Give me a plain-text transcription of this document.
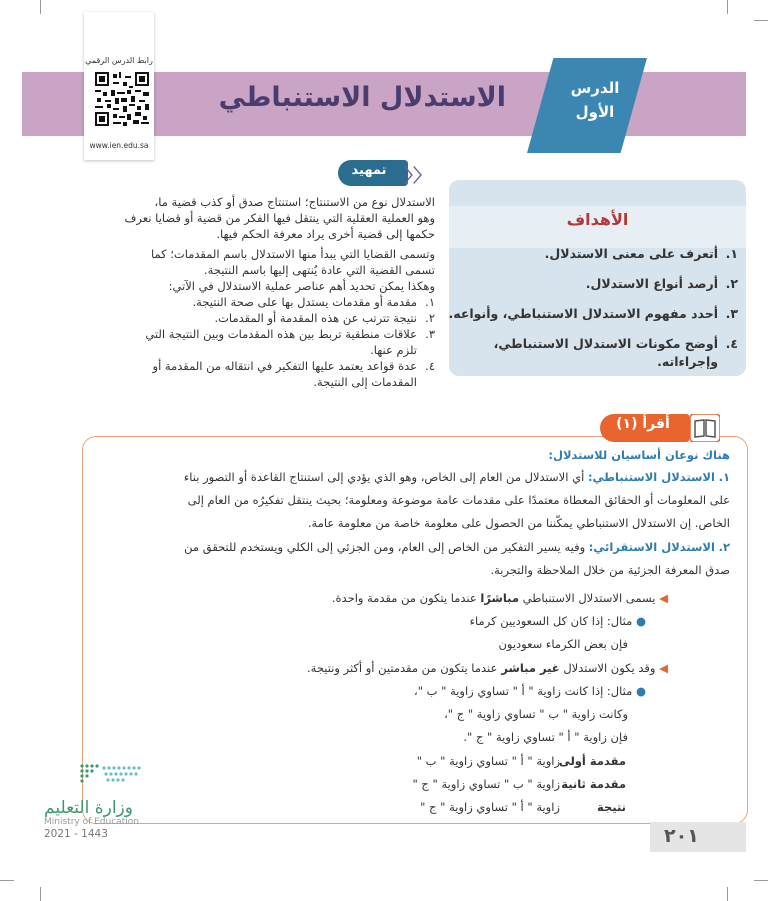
الاستدلال الاستنباطي	الدرس
الأول
رابط الدرس الرقمي
www.ien.edu.sa
الأهداف
١.أتعرف على معنى الاستدلال.
٢.أرصد أنواع الاستدلال.
٣.أحدد مفهوم الاستدلال الاستنباطي، وأنواعه.
٤.أوضح مكونات الاستدلال الاستنباطي،
وإجراءاته.
تمهيد 〉〉
الاستدلال نوع من الاستنتاج؛ استنتاج صدق أو كذب قضية ما،
وهو العملية العقلية التي ينتقل فيها الفكر من قضية أو قضايا نعرف
حكمها إلى قضية أخرى يراد معرفة الحكم فيها.
وتسمى القضايا التي يبدأ منها الاستدلال باسم المقدمات؛ كما
تسمى القضية التي عادة يُنتهى إليها باسم النتيجة.
وهكذا يمكن تحديد أهم عناصر عملية الاستدلال في الآتي:
١.مقدمة أو مقدمات يستدل بها على صحة النتيجة.
٢.نتيجة تترتب عن هذه المقدمة أو المقدمات.
٣.علاقات منطقية تربط بين هذه المقدمات وبين النتيجة التي
تلزم عنها.
٤.عدة قواعد يعتمد عليها التفكير في انتقاله من المقدمة أو
المقدمات إلى النتيجة.
أقرأ (١)
هناك نوعان أساسيان للاستدلال:
١. الاستدلال الاستنباطي: أي الاستدلال من العام إلى الخاص، وهو الذي يؤدي إلى استنتاج القاعدة أو التصور بناء
على المعلومات أو الحقائق المعطاة معتمدًا على مقدمات عامة موضوعة ومعلومة؛ بحيث ينتقل تفكيرُه من العام إلى
الخاص. إن الاستدلال الاستنباطي يمكّننا من الحصول على معلومة خاصة من معلومة عامة.
٢. الاستدلال الاستقرائي: وفيه يسير التفكير من الخاص إلى العام، ومن الجزئي إلى الكلي ويستخدم للتحقق من
صدق المعرفة الجزئية من خلال الملاحظة والتجربة.
◀ يسمى الاستدلال الاستنباطي مباشرًا عندما يتكون من مقدمة واحدة.
● مثال: إذا كان كل السعوديين كرماء
فإن بعض الكرماء سعوديون
◀ وقد يكون الاستدلال غير مباشر عندما يتكون من مقدمتين أو أكثر ونتيجة.
● مثال: إذا كانت زاوية " أ " تساوي زاوية " ب "،
وكانت زاوية " ب " تساوي زاوية " ج "،
فإن زاوية " أ " تساوي زاوية " ج ".
مقدمة أولىزاوية " أ " تساوي زاوية " ب "
مقدمة ثانيةزاوية " ب " تساوي زاوية " ج "
نتيجةزاوية " أ " تساوي زاوية " ج "
وزارة التعليم
Ministry of Education
2021 - 1443	٢٠١
